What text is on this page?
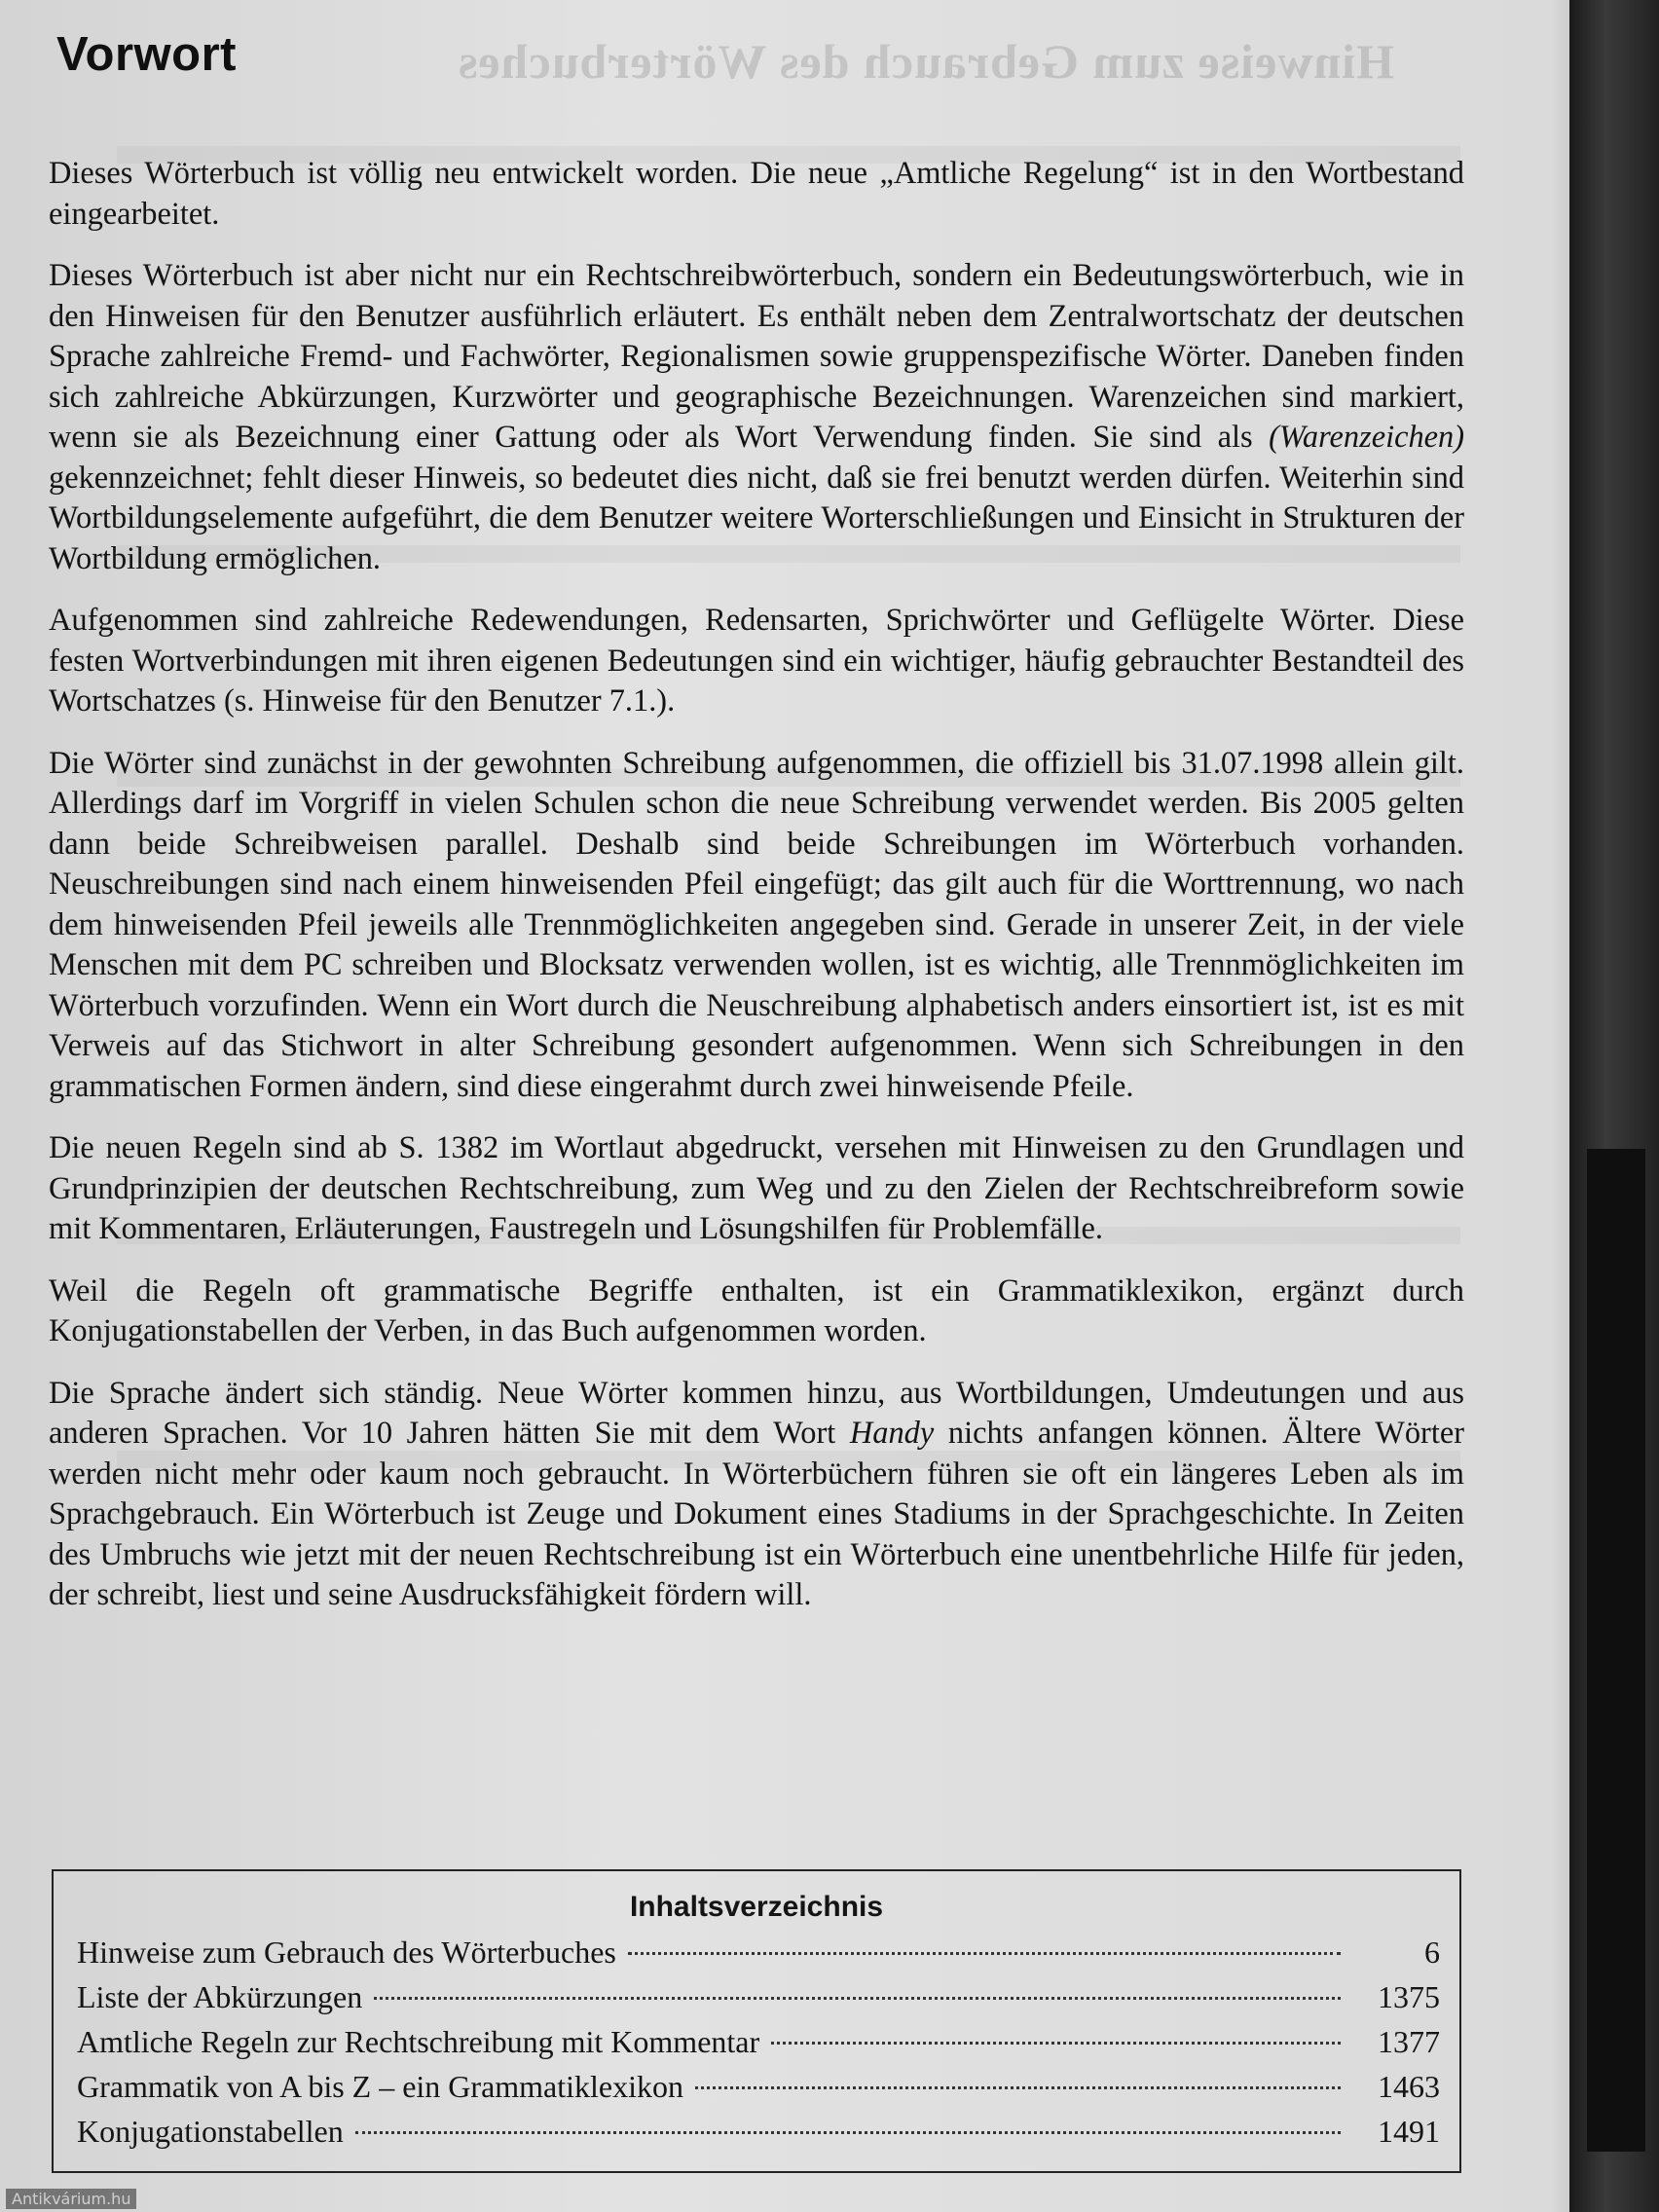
Hinweise zum Gebrauch des Wörterbuches
Vorwort

Dieses Wörterbuch ist völlig neu entwickelt worden. Die neue „Amtliche Regelung“ ist in den Wortbestand eingearbeitet.

Dieses Wörterbuch ist aber nicht nur ein Rechtschreibwörterbuch, sondern ein Bedeutungswörterbuch, wie in den Hinweisen für den Benutzer ausführlich erläutert. Es enthält neben dem Zentralwortschatz der deutschen Sprache zahlreiche Fremd- und Fachwörter, Regionalismen sowie gruppenspezifische Wörter. Daneben finden sich zahlreiche Abkürzungen, Kurzwörter und geographische Bezeichnungen. Warenzeichen sind markiert, wenn sie als Bezeichnung einer Gattung oder als Wort Verwendung finden. Sie sind als (Warenzeichen) gekennzeichnet; fehlt dieser Hinweis, so bedeutet dies nicht, daß sie frei benutzt werden dürfen. Weiterhin sind Wortbildungselemente aufgeführt, die dem Benutzer weitere Worterschließungen und Einsicht in Strukturen der Wortbildung ermöglichen.

Aufgenommen sind zahlreiche Redewendungen, Redensarten, Sprichwörter und Geflügelte Wörter. Diese festen Wortverbindungen mit ihren eigenen Bedeutungen sind ein wichtiger, häufig gebrauchter Bestandteil des Wortschatzes (s. Hinweise für den Benutzer 7.1.).

Die Wörter sind zunächst in der gewohnten Schreibung aufgenommen, die offiziell bis 31.07.1998 allein gilt. Allerdings darf im Vorgriff in vielen Schulen schon die neue Schreibung verwendet werden. Bis 2005 gelten dann beide Schreibweisen parallel. Deshalb sind beide Schreibungen im Wörterbuch vorhanden. Neuschreibungen sind nach einem hinweisenden Pfeil eingefügt; das gilt auch für die Worttrennung, wo nach dem hinweisenden Pfeil jeweils alle Trennmöglichkeiten angegeben sind. Gerade in unserer Zeit, in der viele Menschen mit dem PC schreiben und Blocksatz verwenden wollen, ist es wichtig, alle Trennmöglichkeiten im Wörterbuch vorzufinden. Wenn ein Wort durch die Neuschreibung alphabetisch anders einsortiert ist, ist es mit Verweis auf das Stichwort in alter Schreibung gesondert aufgenommen. Wenn sich Schreibungen in den grammatischen Formen ändern, sind diese eingerahmt durch zwei hinweisende Pfeile.

Die neuen Regeln sind ab S. 1382 im Wortlaut abgedruckt, versehen mit Hinweisen zu den Grundlagen und Grundprinzipien der deutschen Rechtschreibung, zum Weg und zu den Zielen der Rechtschreibreform sowie mit Kommentaren, Erläuterungen, Faustregeln und Lösungshilfen für Problemfälle.

Weil die Regeln oft grammatische Begriffe enthalten, ist ein Grammatiklexikon, ergänzt durch Konjugationstabellen der Verben, in das Buch aufgenommen worden.

Die Sprache ändert sich ständig. Neue Wörter kommen hinzu, aus Wortbildungen, Umdeutungen und aus anderen Sprachen. Vor 10 Jahren hätten Sie mit dem Wort Handy nichts anfangen können. Ältere Wörter werden nicht mehr oder kaum noch gebraucht. In Wörterbüchern führen sie oft ein längeres Leben als im Sprachgebrauch. Ein Wörterbuch ist Zeuge und Dokument eines Stadiums in der Sprachgeschichte. In Zeiten des Umbruchs wie jetzt mit der neuen Rechtschreibung ist ein Wörterbuch eine unentbehrliche Hilfe für jeden, der schreibt, liest und seine Ausdrucksfähigkeit fördern will.

Inhaltsverzeichnis
Hinweise zum Gebrauch des Wörterbuches	6
Liste der Abkürzungen	1375
Amtliche Regeln zur Rechtschreibung mit Kommentar	1377
Grammatik von A bis Z – ein Grammatiklexikon	1463
Konjugationstabellen	1491
Antikvárium.hu
